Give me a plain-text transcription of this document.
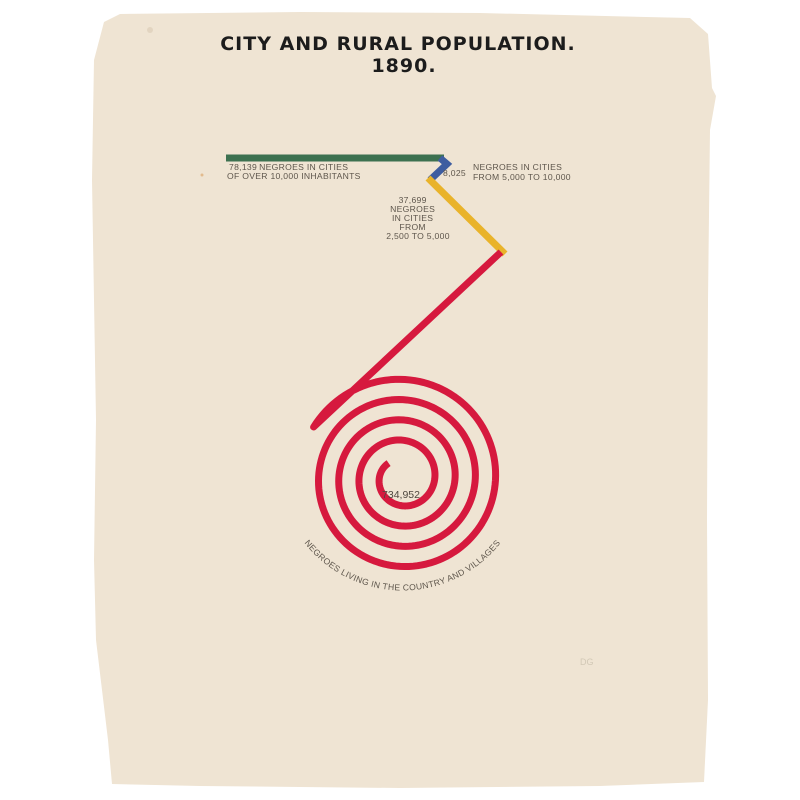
CITY AND RURAL POPULATION.
1890.
78,139 NEGROES IN CITIES OF OVER 10,000 INHABITANTS	8,025 NEGROES IN CITIES FROM 5,000 TO 10,000
37,699 NEGROES IN CITIES FROM 2,500 TO 5,000
734,952
NEGROES LIVING IN THE COUNTRY AND VILLAGES
DG
